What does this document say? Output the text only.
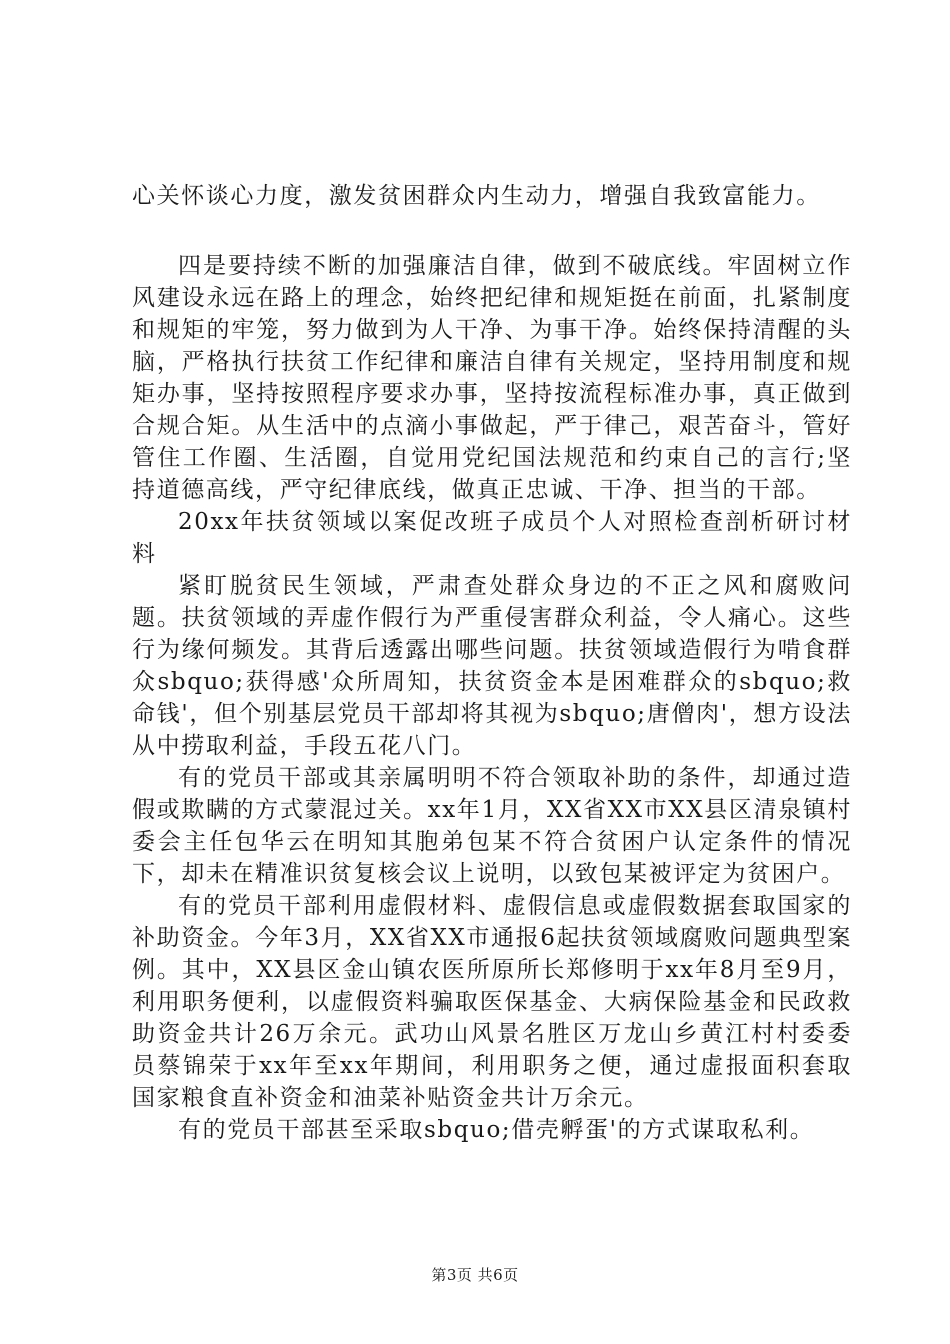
心关怀谈心力度，激发贫困群众内生动力，增强自我致富能力。

四是要持续不断的加强廉洁自律，做到不破底线。牢固树立作风建设永远在路上的理念，始终把纪律和规矩挺在前面，扎紧制度和规矩的牢笼，努力做到为人干净、为事干净。始终保持清醒的头脑，严格执行扶贫工作纪律和廉洁自律有关规定，坚持用制度和规矩办事，坚持按照程序要求办事，坚持按流程标准办事，真正做到合规合矩。从生活中的点滴小事做起，严于律己，艰苦奋斗，管好管住工作圈、生活圈，自觉用党纪国法规范和约束自己的言行;坚持道德高线，严守纪律底线，做真正忠诚、干净、担当的干部。

20xx年扶贫领域以案促改班子成员个人对照检查剖析研讨材料

紧盯脱贫民生领域，严肃查处群众身边的不正之风和腐败问题。扶贫领域的弄虚作假行为严重侵害群众利益，令人痛心。这些行为缘何频发。其背后透露出哪些问题。扶贫领域造假行为啃食群众sbquo;获得感'众所周知，扶贫资金本是困难群众的sbquo;救命钱'，但个别基层党员干部却将其视为sbquo;唐僧肉'，想方设法从中捞取利益，手段五花八门。

有的党员干部或其亲属明明不符合领取补助的条件，却通过造假或欺瞒的方式蒙混过关。xx年1月，XX省XX市XX县区清泉镇村委会主任包华云在明知其胞弟包某不符合贫困户认定条件的情况下，却未在精准识贫复核会议上说明，以致包某被评定为贫困户。

有的党员干部利用虚假材料、虚假信息或虚假数据套取国家的补助资金。今年3月，XX省XX市通报6起扶贫领域腐败问题典型案例。其中，XX县区金山镇农医所原所长郑修明于xx年8月至9月，利用职务便利，以虚假资料骗取医保基金、大病保险基金和民政救助资金共计26万余元。武功山风景名胜区万龙山乡黄江村村委委员蔡锦荣于xx年至xx年期间，利用职务之便，通过虚报面积套取国家粮食直补资金和油菜补贴资金共计万余元。

有的党员干部甚至采取sbquo;借壳孵蛋'的方式谋取私利。

第3页 共6页
